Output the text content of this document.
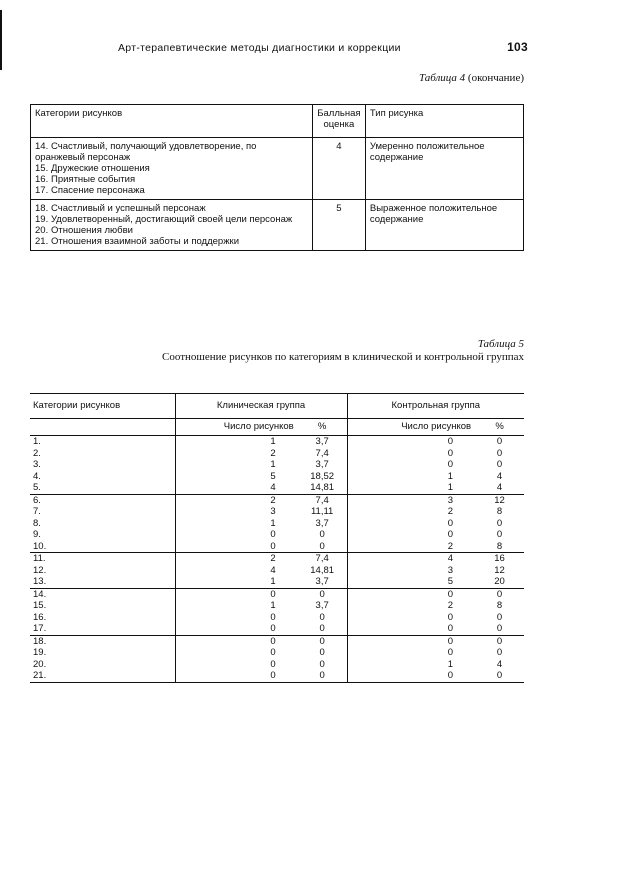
Арт-терапевтические методы диагностики и коррекции	103
Таблица 4 (окончание)
Категории рисунков	Балльная оценка	Тип рисунка

14. Счастливый, получающий удовлетворение, по оранжевый персонаж
15. Дружеские отношения
16. Приятные события
17. Спасение персонажа	4	Умеренно положительное содержание

18. Счастливый и успешный персонаж
19. Удовлетворенный, достигающий своей цели персонаж
20. Отношения любви
21. Отношения взаимной заботы и поддержки	5	Выраженное положительное содержание
Таблица 5
Соотношение рисунков по категориям в клинической и контрольной группах
Категории рисунков	Клиническая группа		Контрольная группа	
	Число рисунков	%	Число рисунков	%
1.	1	3,7	0	0
2.	2	7,4	0	0
3.	1	3,7	0	0
4.	5	18,52	1	4
5.	4	14,81	1	4
6.	2	7,4	3	12
7.	3	11,11	2	8
8.	1	3,7	0	0
9.	0	0	0	0
10.	0	0	2	8
11.	2	7,4	4	16
12.	4	14,81	3	12
13.	1	3,7	5	20
14.	0	0	0	0
15.	1	3,7	2	8
16.	0	0	0	0
17.	0	0	0	0
18.	0	0	0	0
19.	0	0	0	0
20.	0	0	1	4
21.	0	0	0	0
